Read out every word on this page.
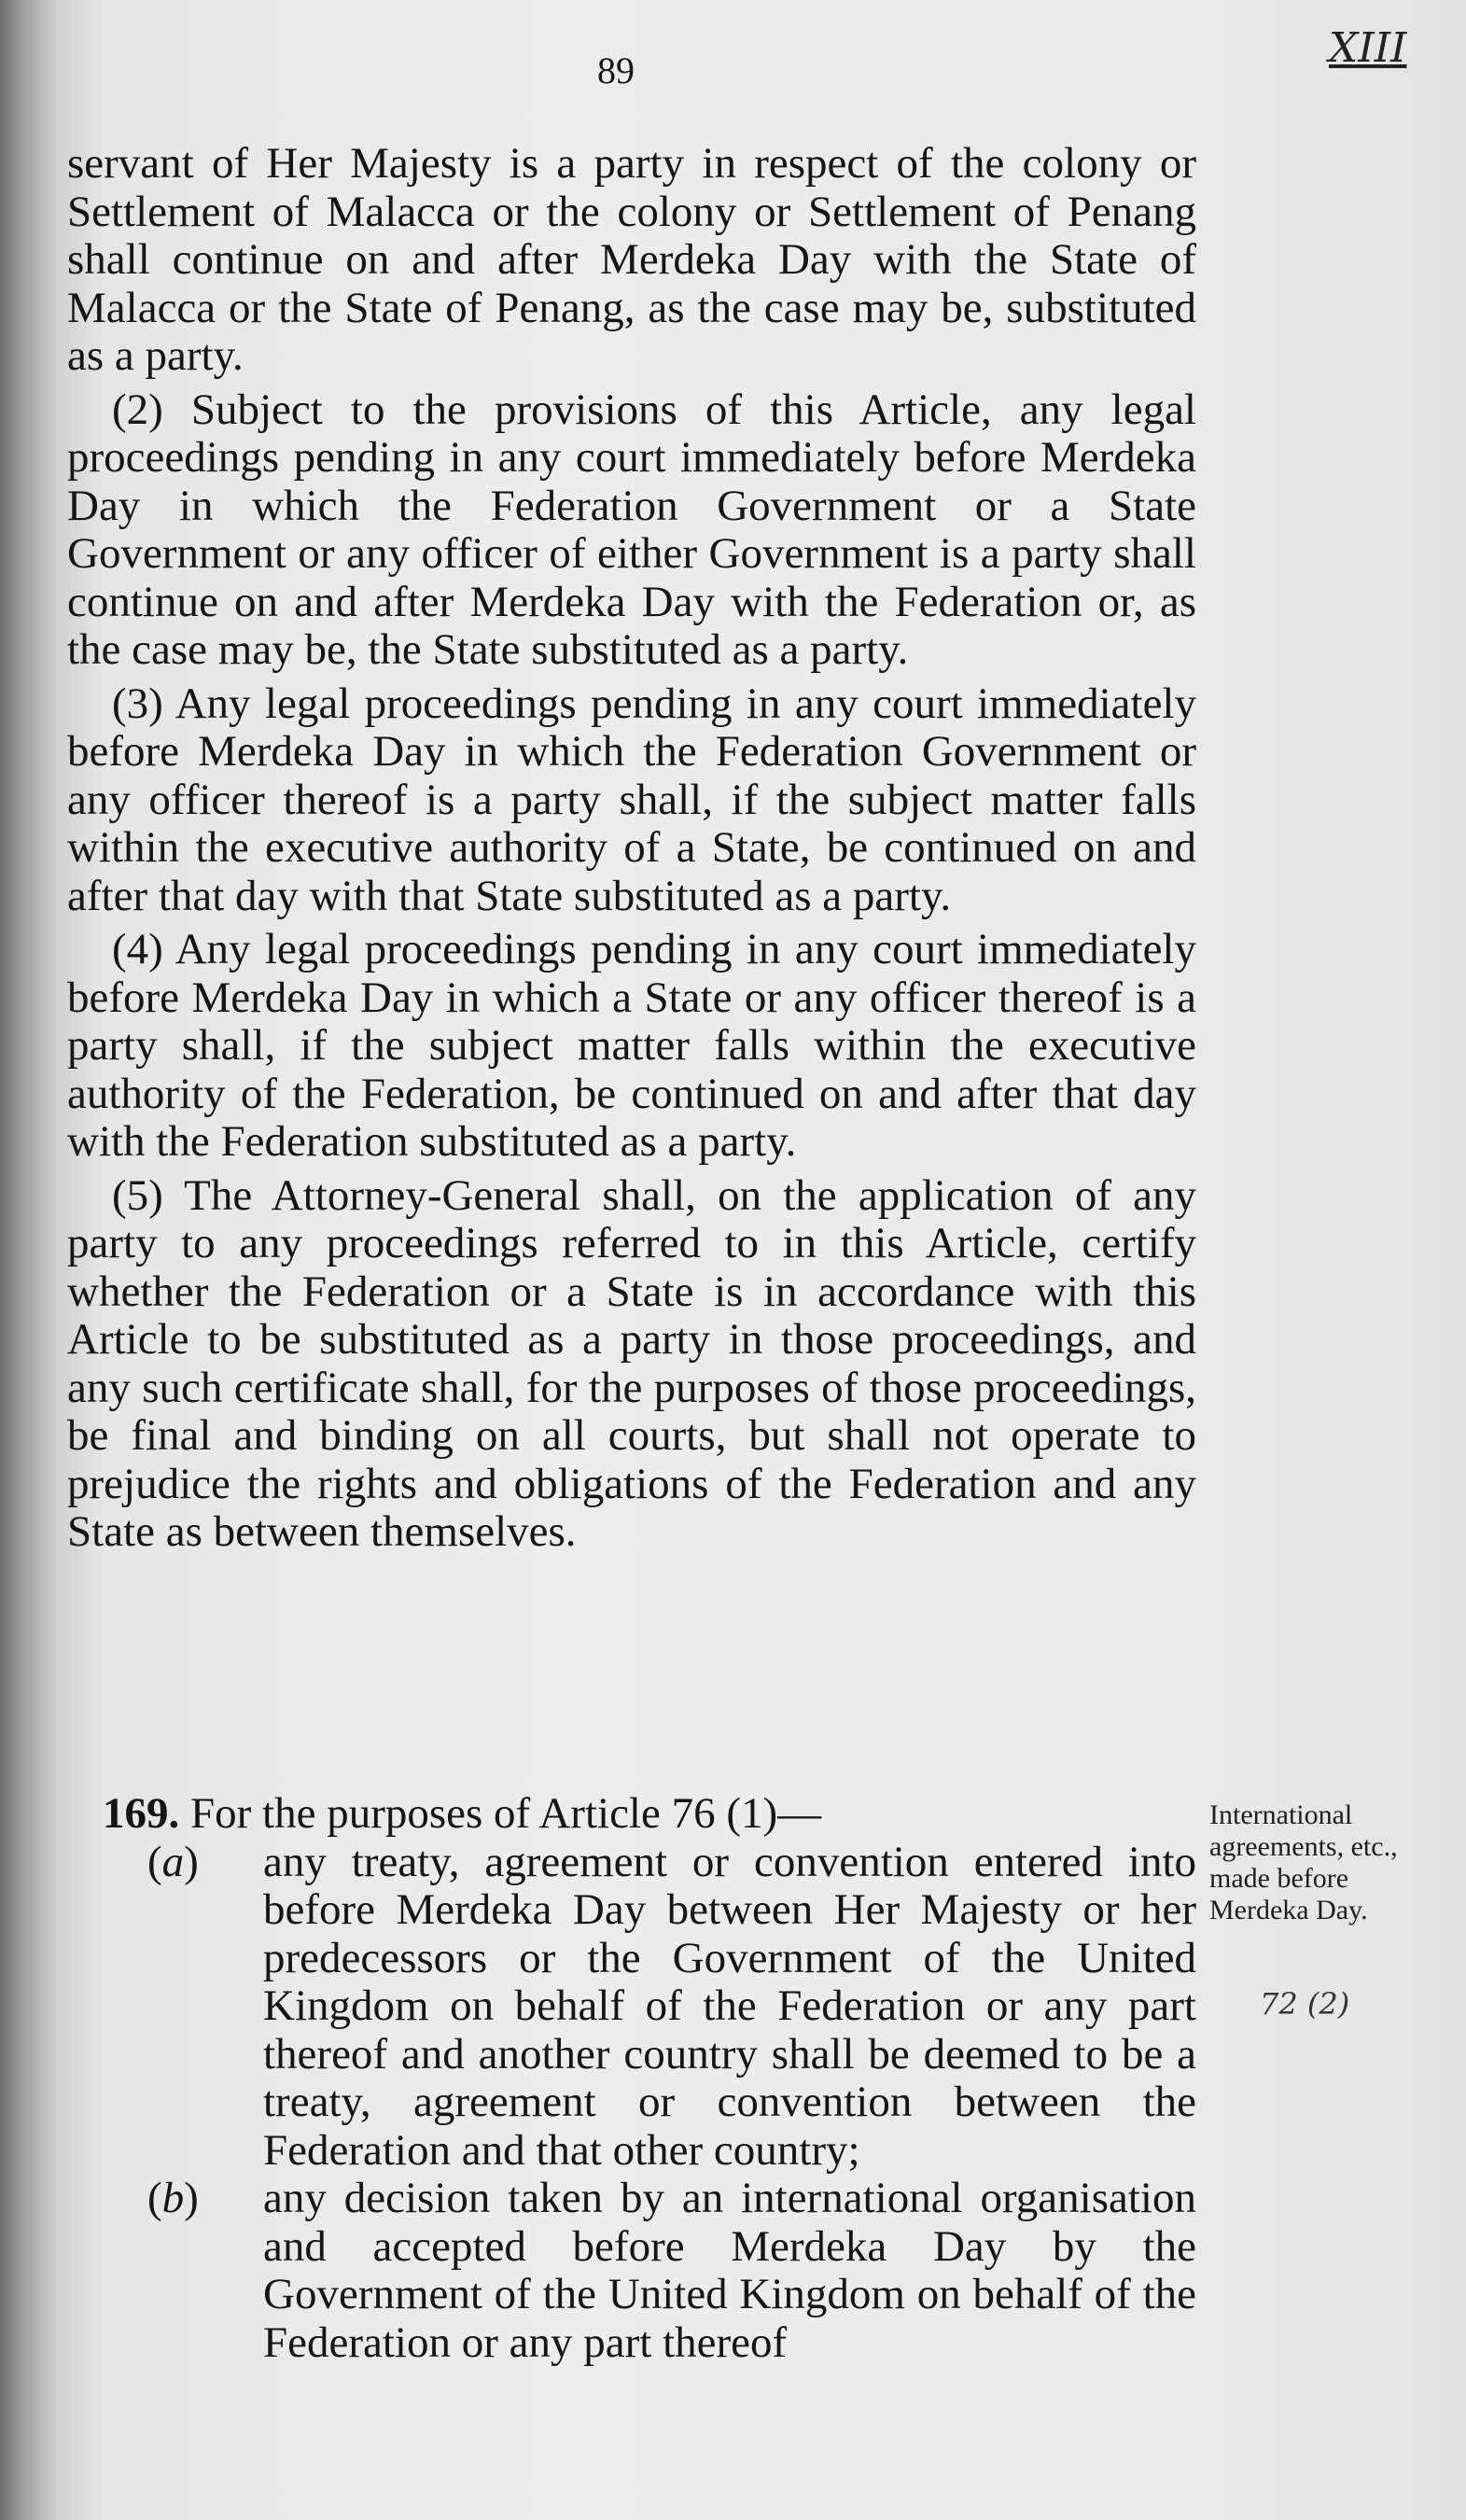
89	XIII

servant of Her Majesty is a party in respect of the colony or Settlement of Malacca or the colony or Settlement of Penang shall continue on and after Merdeka Day with the State of Malacca or the State of Penang, as the case may be, substituted as a party.

(2) Subject to the provisions of this Article, any legal proceedings pending in any court immediately before Merdeka Day in which the Federation Government or a State Government or any officer of either Government is a party shall continue on and after Merdeka Day with the Federation or, as the case may be, the State substituted as a party.

(3) Any legal proceedings pending in any court immediately before Merdeka Day in which the Federation Government or any officer thereof is a party shall, if the subject matter falls within the executive authority of a State, be continued on and after that day with that State substituted as a party.

(4) Any legal proceedings pending in any court immediately before Merdeka Day in which a State or any officer thereof is a party shall, if the subject matter falls within the executive authority of the Federation, be continued on and after that day with the Federation substituted as a party.

(5) The Attorney-General shall, on the application of any party to any proceedings referred to in this Article, certify whether the Federation or a State is in accordance with this Article to be substituted as a party in those proceedings, and any such certificate shall, for the purposes of those proceedings, be final and binding on all courts, but shall not operate to prejudice the rights and obligations of the Federation and any State as between themselves.

169. For the purposes of Article 76 (1)—
(a) any treaty, agreement or convention entered into before Merdeka Day between Her Majesty or her predecessors or the Government of the United Kingdom on behalf of the Federation or any part thereof and another country shall be deemed to be a treaty, agreement or convention between the Federation and that other country;
(b) any decision taken by an international organisation and accepted before Merdeka Day by the Government of the United Kingdom on behalf of the Federation or any part thereof
International agreements, etc., made before Merdeka Day.
72 (2)
